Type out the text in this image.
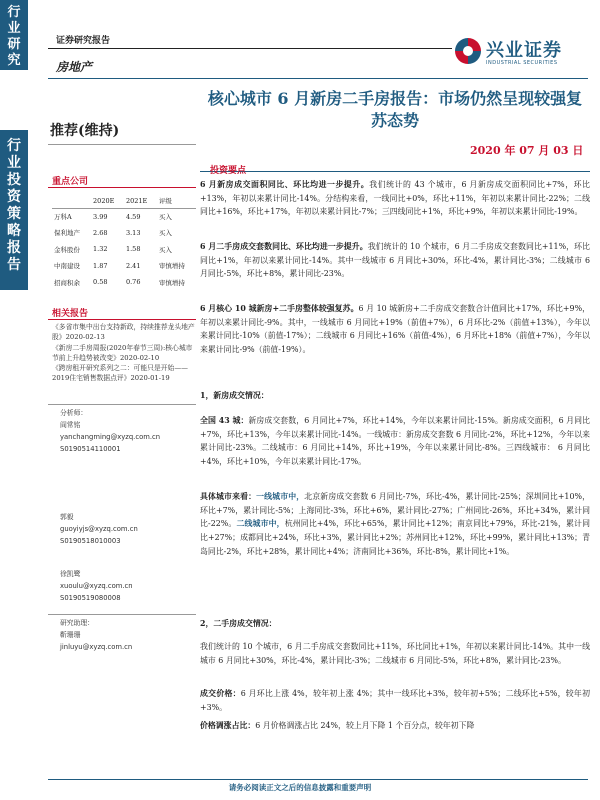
行
业
研
究
行
业
投
资
策
略
报
告
证券研究报告
房地产
兴业证券
INDUSTRIAL SECURITIES
核心城市 6 月新房二手房报告：市场仍然呈现较强复苏态势
推荐(维持)
2020 年 07 月 03 日
投资要点
重点公司
	2020E	2021E	评级
万科A	3.99	4.59	买入
保利地产	2.68	3.13	买入
金科股份	1.32	1.58	买入
中南建设	1.87	2.41	审慎增持
招商积余	0.58	0.76	审慎增持
相关报告

《多省市集中出台支持新政，持续推荐龙头地产股》2020-02-13

《新房二手房周报(2020年春节三周):核心城市节前上升趋势被改变》2020-02-10

《跨房租开研究系列之二：可能只是开始——2019住宅销售数据点评》2020-01-19

分析师：
阎常铭
yanchangming@xyzq.com.cn
S0190514110001
郭毅
guoyiyjs@xyzq.com.cn
S0190518010003
徐凯鹭
xuoulu@xyzq.com.cn
S0190519080008
研究助理：
靳珊珊
jinluyu@xyzq.com.cn
6 月新房成交面积同比、环比均进一步提升。我们统计的 43 个城市，6 月新房成交面积同比+7%，环比+13%，年初以来累计同比-14%。分结构来看，一线同比+0%，环比+11%，年初以来累计同比-22%；二线同比+16%，环比+17%，年初以来累计同比-7%；三四线同比+1%，环比+9%，年初以来累计同比-19%。
6 月二手房成交套数同比、环比均进一步提升。我们统计的 10 个城市，6 月二手房成交套数同比+11%，环比同比+1%，年初以来累计同比-14%。其中一线城市 6 月同比+30%，环比-4%，累计同比-3%；二线城市 6 月同比-5%，环比+8%，累计同比-23%。
6 月核心 10 城新房+二手房整体较强复苏。6 月 10 城新房+二手房成交套数合计值同比+17%，环比+9%，年初以来累计同比-9%。其中，一线城市 6 月同比+19%（前值+7%），6 月环比-2%（前值+13%），今年以来累计同比-10%（前值-17%）；二线城市 6 月同比+16%（前值-4%），6 月环比+18%（前值+7%），今年以来累计同比-9%（前值-19%）。
1，新房成交情况：
全国 43 城：新房成交套数，6 月同比+7%，环比+14%，今年以来累计同比-15%。新房成交面积，6 月同比+7%，环比+13%，今年以来累计同比-14%。一线城市：新房成交套数 6 月同比-2%，环比+12%，今年以来累计同比-23%。二线城市：6 月同比+14%，环比+19%，今年以来累计同比-8%。三四线城市： 6 月同比+4%，环比+10%，今年以来累计同比-17%。
具体城市来看：一线城市中，北京新房成交套数 6 月同比-7%，环比-4%，累计同比-25%；深圳同比+10%，环比+7%，累计同比-5%；上海同比-3%，环比+6%，累计同比-27%；广州同比-26%，环比+34%，累计同比-22%。二线城市中，杭州同比+4%，环比+65%，累计同比+12%；南京同比+79%，环比-21%，累计同比+27%；成都同比+24%，环比+3%，累计同比+2%；苏州同比+12%，环比+99%，累计同比+13%；青岛同比-2%，环比+28%，累计同比+4%；济南同比+36%，环比-8%，累计同比+1%。
2，二手房成交情况：
我们统计的 10 个城市，6 月二手房成交套数同比+11%，环比同比+1%，年初以来累计同比-14%。其中一线城市 6 月同比+30%，环比-4%，累计同比-3%；二线城市 6 月同比-5%，环比+8%，累计同比-23%。
成交价格：6 月环比上涨 4%，较年初上涨 4%；其中一线环比+3%，较年初+5%；二线环比+5%，较年初+3%。
价格调涨占比：6 月价格调涨占比 24%，较上月下降 1 个百分点，较年初下降
请务必阅读正文之后的信息披露和重要声明
